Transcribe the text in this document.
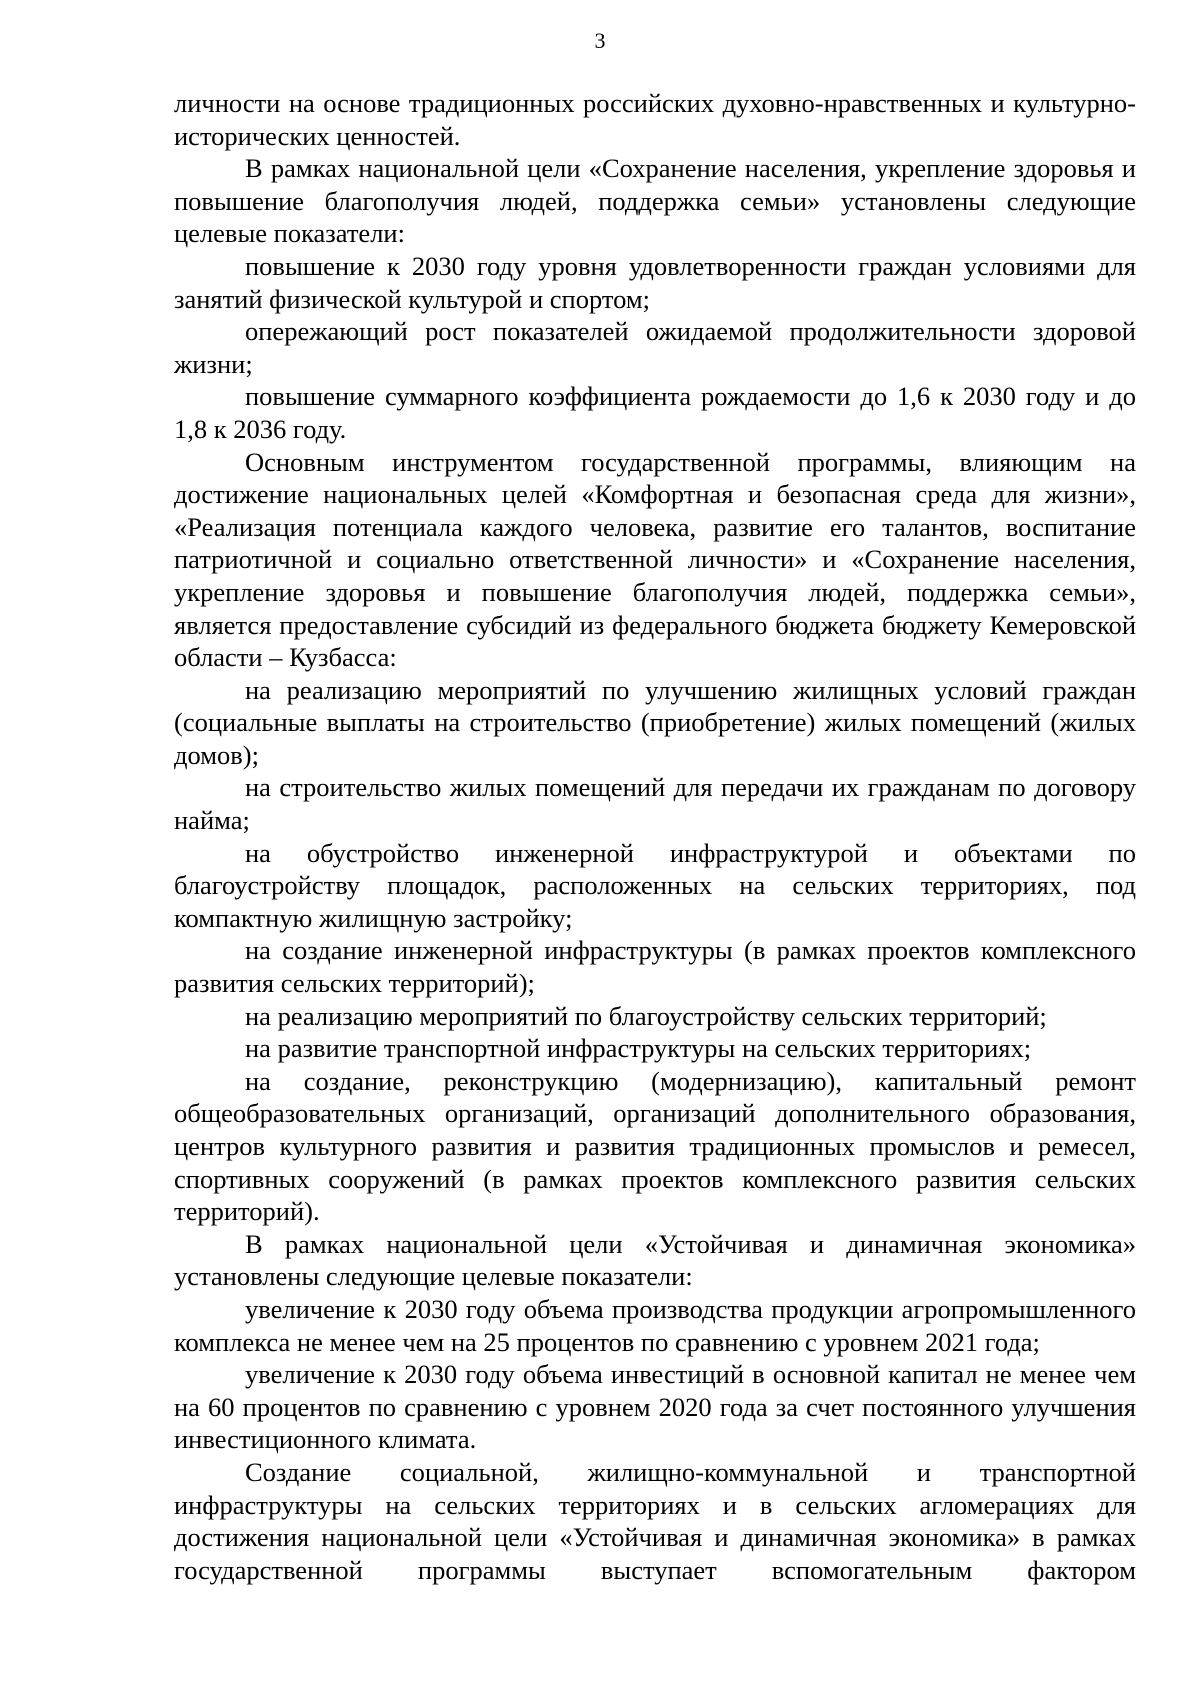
3

личности на основе традиционных российских духовно-нравственных и культурно-исторических ценностей.

В рамках национальной цели «Сохранение населения, укрепление здоровья и повышение благополучия людей, поддержка семьи» установлены следующие целевые показатели:

повышение к 2030 году уровня удовлетворенности граждан условиями для занятий физической культурой и спортом;

опережающий рост показателей ожидаемой продолжительности здоровой жизни;

повышение суммарного коэффициента рождаемости до 1,6 к 2030 году и до 1,8 к 2036 году.

Основным инструментом государственной программы, влияющим на достижение национальных целей «Комфортная и безопасная среда для жизни», «Реализация потенциала каждого человека, развитие его талантов, воспитание патриотичной и социально ответственной личности» и «Сохранение населения, укрепление здоровья и повышение благополучия людей, поддержка семьи», является предоставление субсидий из федерального бюджета бюджету Кемеровской области – Кузбасса:

на реализацию мероприятий по улучшению жилищных условий граждан (социальные выплаты на строительство (приобретение) жилых помещений (жилых домов);

на строительство жилых помещений для передачи их гражданам по договору найма;

на обустройство инженерной инфраструктурой и объектами по благоустройству площадок, расположенных на сельских территориях, под компактную жилищную застройку;

на создание инженерной инфраструктуры (в рамках проектов комплексного развития сельских территорий);

на реализацию мероприятий по благоустройству сельских территорий;

на развитие транспортной инфраструктуры на сельских территориях;

на создание, реконструкцию (модернизацию), капитальный ремонт общеобразовательных организаций, организаций дополнительного образования, центров культурного развития и развития традиционных промыслов и ремесел, спортивных сооружений (в рамках проектов комплексного развития сельских территорий).

В рамках национальной цели «Устойчивая и динамичная экономика» установлены следующие целевые показатели:

увеличение к 2030 году объема производства продукции агропромышленного комплекса не менее чем на 25 процентов по сравнению с уровнем 2021 года;

увеличение к 2030 году объема инвестиций в основной капитал не менее чем на 60 процентов по сравнению с уровнем 2020 года за счет постоянного улучшения инвестиционного климата.

Создание социальной, жилищно-коммунальной и транспортной инфраструктуры на сельских территориях и в сельских агломерациях для достижения национальной цели «Устойчивая и динамичная экономика» в рамках государственной программы выступает вспомогательным фактором
